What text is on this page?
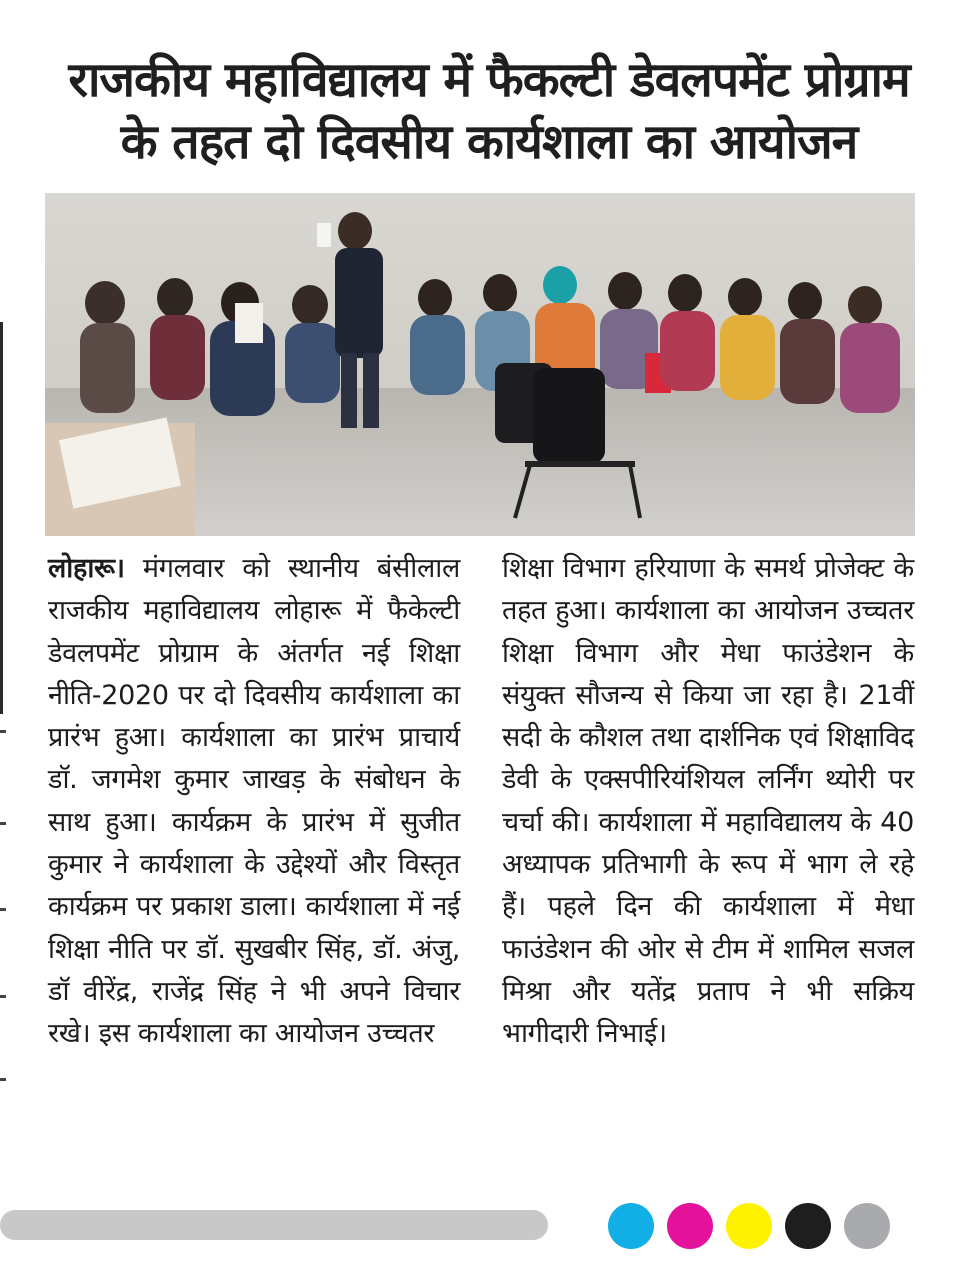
राजकीय महाविद्यालय में फैकल्टी डेवलपमेंट प्रोग्राम
के तहत दो दिवसीय कार्यशाला का आयोजन
लोहारू। मंगलवार को स्थानीय बंसीलाल राजकीय महाविद्यालय लोहारू में फैकेल्टी डेवलपमेंट प्रोग्राम के अंतर्गत नई शिक्षा नीति-2020 पर दो दिवसीय कार्यशाला का प्रारंभ हुआ। कार्यशाला का प्रारंभ प्राचार्य डॉ. जगमेश कुमार जाखड़ के संबोधन के साथ हुआ। कार्यक्रम के प्रारंभ में सुजीत कुमार ने कार्यशाला के उद्देश्यों और विस्तृत कार्यक्रम पर प्रकाश डाला। कार्यशाला में नई शिक्षा नीति पर डॉ. सुखबीर सिंह, डॉ. अंजु, डॉ वीरेंद्र, राजेंद्र सिंह ने भी अपने विचार रखे। इस कार्यशाला का आयोजन उच्चतर
शिक्षा विभाग हरियाणा के समर्थ प्रोजेक्ट के तहत हुआ। कार्यशाला का आयोजन उच्चतर शिक्षा विभाग और मेधा फाउंडेशन के संयुक्त सौजन्य से किया जा रहा है। 21वीं सदी के कौशल तथा दार्शनिक एवं शिक्षाविद डेवी के एक्सपीरियंशियल लर्निंग थ्योरी पर चर्चा की। कार्यशाला में महाविद्यालय के 40 अध्यापक प्रतिभागी के रूप में भाग ले रहे हैं। पहले दिन की कार्यशाला में मेधा फाउंडेशन की ओर से टीम में शामिल सजल मिश्रा और यतेंद्र प्रताप ने भी सक्रिय भागीदारी निभाई।
